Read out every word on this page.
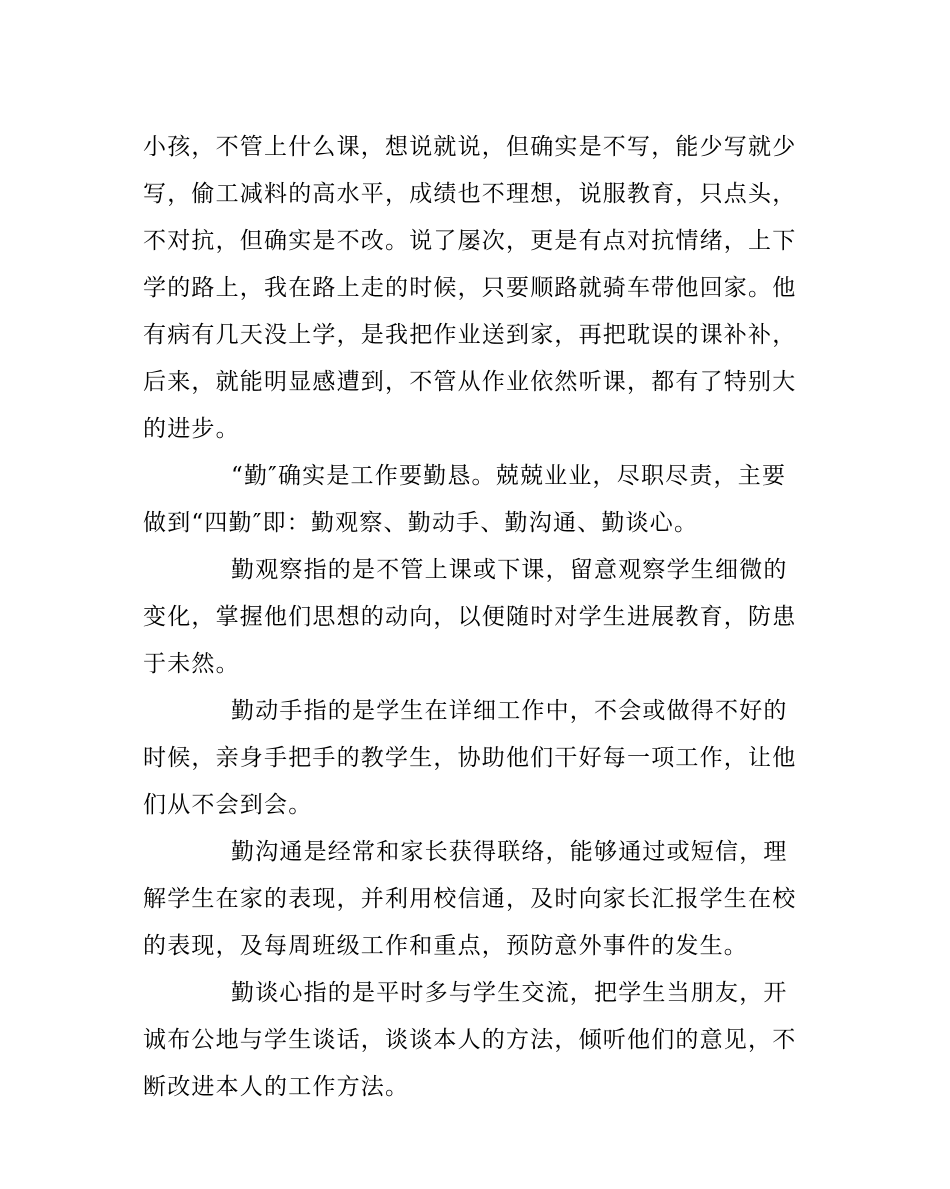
小孩，不管上什么课，想说就说，但确实是不写，能少写就少写，偷工减料的高水平，成绩也不理想，说服教育，只点头，不对抗，但确实是不改。说了屡次，更是有点对抗情绪，上下学的路上，我在路上走的时候，只要顺路就骑车带他回家。他有病有几天没上学，是我把作业送到家，再把耽误的课补补，后来，就能明显感遭到，不管从作业依然听课，都有了特别大的进步。

“勤″确实是工作要勤恳。兢兢业业，尽职尽责，主要做到“四勤″即：勤观察、勤动手、勤沟通、勤谈心。

勤观察指的是不管上课或下课，留意观察学生细微的变化，掌握他们思想的动向，以便随时对学生进展教育，防患于未然。

勤动手指的是学生在详细工作中，不会或做得不好的时候，亲身手把手的教学生，协助他们干好每一项工作，让他们从不会到会。

勤沟通是经常和家长获得联络，能够通过或短信，理解学生在家的表现，并利用校信通，及时向家长汇报学生在校的表现，及每周班级工作和重点，预防意外事件的发生。

勤谈心指的是平时多与学生交流，把学生当朋友，开诚布公地与学生谈话，谈谈本人的方法，倾听他们的意见，不断改进本人的工作方法。
